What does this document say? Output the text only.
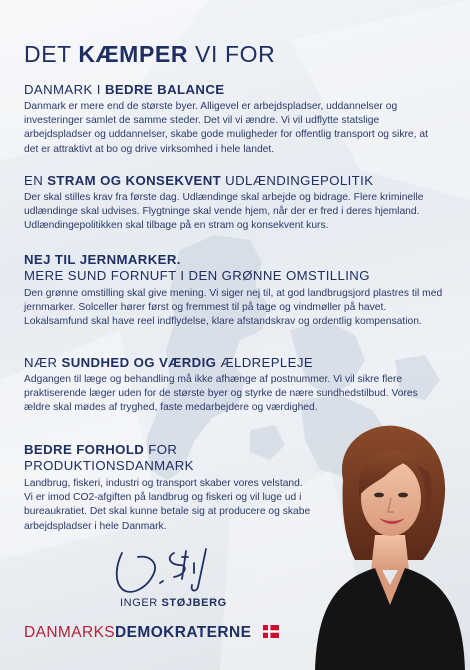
DET KÆMPER VI FOR
DANMARK I BEDRE BALANCE

Danmark er mere end de største byer. Alligevel er arbejdspladser, uddannelser og investeringer samlet de samme steder. Det vil vi ændre. Vi vil udflytte statslige arbejdspladser og uddannelser, skabe gode muligheder for offentlig transport og sikre, at det er attraktivt at bo og drive virksomhed i hele landet.

EN STRAM OG KONSEKVENT UDLÆNDINGEPOLITIK

Der skal stilles krav fra første dag. Udlændinge skal arbejde og bidrage. Flere kriminelle udlændinge skal udvises. Flygtninge skal vende hjem, når der er fred i deres hjemland. Udlændingepolitikken skal tilbage på en stram og konsekvent kurs.

NEJ TIL JERNMARKER.
MERE SUND FORNUFT I DEN GRØNNE OMSTILLING

Den grønne omstilling skal give mening. Vi siger nej til, at god landbrugsjord plastres til med jernmarker. Solceller hører først og fremmest til på tage og vindmøller på havet. Lokalsamfund skal have reel indflydelse, klare afstandskrav og ordentlig kompensation.

NÆR SUNDHED OG VÆRDIG ÆLDREPLEJE

Adgangen til læge og behandling må ikke afhænge af postnummer. Vi vil sikre flere praktiserende læger uden for de største byer og styrke de nære sundhedstilbud. Vores ældre skal mødes af tryghed, faste medarbejdere og værdighed.

BEDRE FORHOLD FOR
PRODUKTIONSDANMARK

Landbrug, fiskeri, industri og transport skaber vores velstand. Vi er imod CO2-afgiften på landbrug og fiskeri og vil luge ud i bureaukratiet. Det skal kunne betale sig at producere og skabe arbejdspladser i hele Danmark.

INGER STØJBERG
DANMARKSDEMOKRATERNE
